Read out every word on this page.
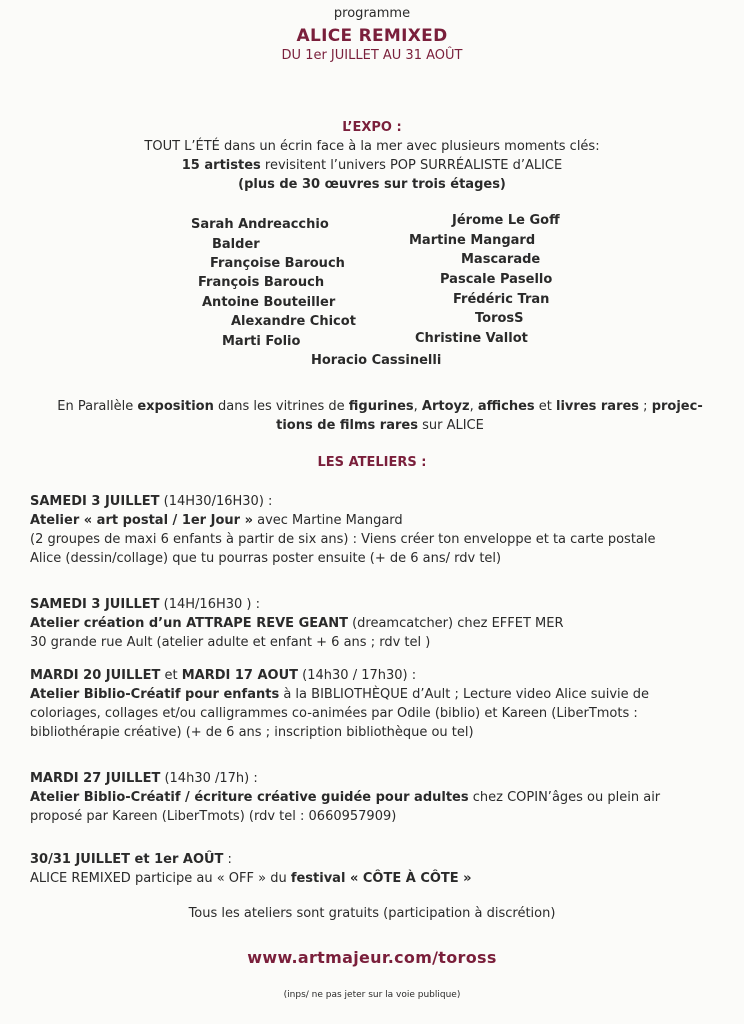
programme
ALICE REMIXED
DU 1er JUILLET AU 31 AOÛT
L’EXPO :
TOUT L’ÉTÉ dans un écrin face à la mer avec plusieurs moments clés:
15 artistes revisitent l’univers POP SURRÉALISTE d’ALICE
(plus de 30 œuvres sur trois étages)
Sarah Andreacchio
Balder
Françoise Barouch
François Barouch
Antoine Bouteiller
Alexandre Chicot
Marti Folio
Horacio Cassinelli
Jérome Le Goff
Martine Mangard
Mascarade
Pascale Pasello
Frédéric Tran
TorosS
Christine Vallot
En Parallèle exposition dans les vitrines de figurines, Artoyz, affiches et livres rares ; projec-
tions de films rares sur ALICE
LES ATELIERS :

SAMEDI 3 JUILLET (14H30/16H30) :

Atelier « art postal / 1er Jour » avec Martine Mangard

(2 groupes de maxi 6 enfants à partir de six ans) : Viens créer ton enveloppe et ta carte postale

Alice (dessin/collage) que tu pourras poster ensuite (+ de 6 ans/ rdv tel)

SAMEDI 3 JUILLET (14H/16H30 ) :

Atelier création d’un ATTRAPE REVE GEANT (dreamcatcher) chez EFFET MER

30 grande rue Ault (atelier adulte et enfant + 6 ans ; rdv tel )

MARDI 20 JUILLET et MARDI 17 AOUT (14h30 / 17h30) :

Atelier Biblio-Créatif pour enfants à la BIBLIOTHÈQUE d’Ault ; Lecture video Alice suivie de

coloriages, collages et/ou calligrammes co-animées par Odile (biblio) et Kareen (LiberTmots :

bibliothérapie créative) (+ de 6 ans ; inscription bibliothèque ou tel)

MARDI 27 JUILLET (14h30 /17h) :

Atelier Biblio-Créatif / écriture créative guidée pour adultes chez COPIN’âges ou plein air

proposé par Kareen (LiberTmots) (rdv tel : 0660957909)

30/31 JUILLET et 1er AOÛT :

ALICE REMIXED participe au « OFF » du festival « CÔTE À CÔTE »

Tous les ateliers sont gratuits (participation à discrétion)
www.artmajeur.com/toross
(inps/ ne pas jeter sur la voie publique)
